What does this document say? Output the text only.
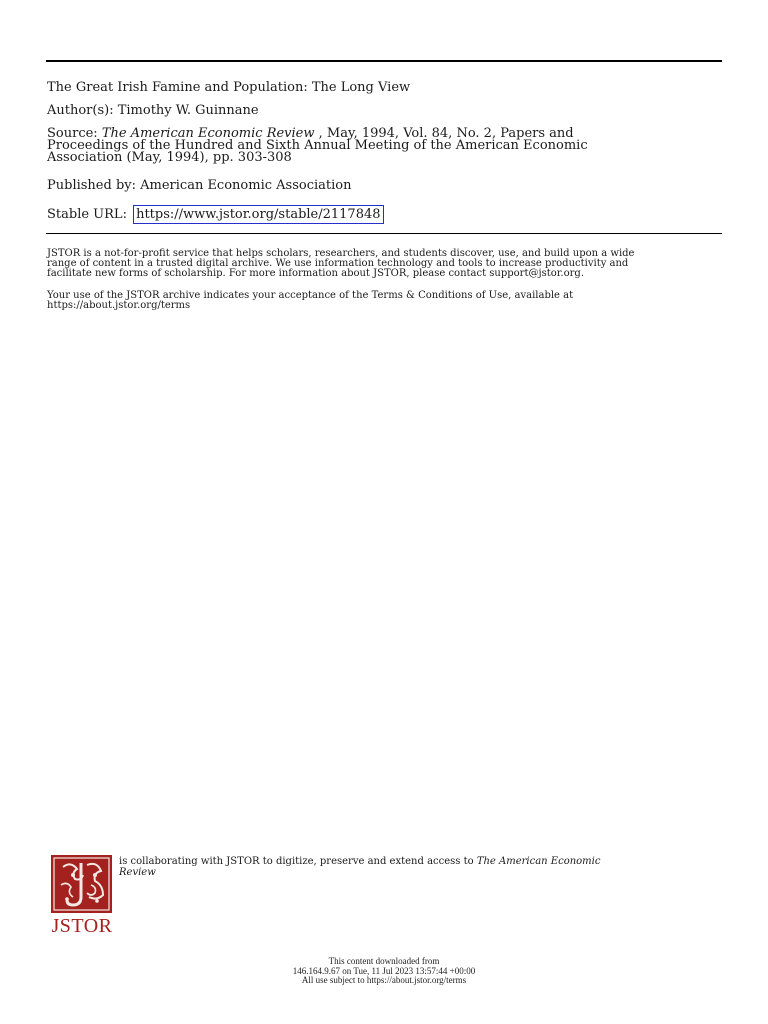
The Great Irish Famine and Population: The Long View
Author(s): Timothy W. Guinnane
Source: The American Economic Review , May, 1994, Vol. 84, No. 2, Papers and
Proceedings of the Hundred and Sixth Annual Meeting of the American Economic
Association (May, 1994), pp. 303-308
Published by: American Economic Association
Stable URL: https://www.jstor.org/stable/2117848
JSTOR is a not-for-profit service that helps scholars, researchers, and students discover, use, and build upon a wide
range of content in a trusted digital archive. We use information technology and tools to increase productivity and
facilitate new forms of scholarship. For more information about JSTOR, please contact support@jstor.org.
Your use of the JSTOR archive indicates your acceptance of the Terms & Conditions of Use, available at
https://about.jstor.org/terms
JSTOR
is collaborating with JSTOR to digitize, preserve and extend access to The American Economic
Review
This content downloaded from
146.164.9.67 on Tue, 11 Jul 2023 13:57:44 +00:00
All use subject to https://about.jstor.org/terms
